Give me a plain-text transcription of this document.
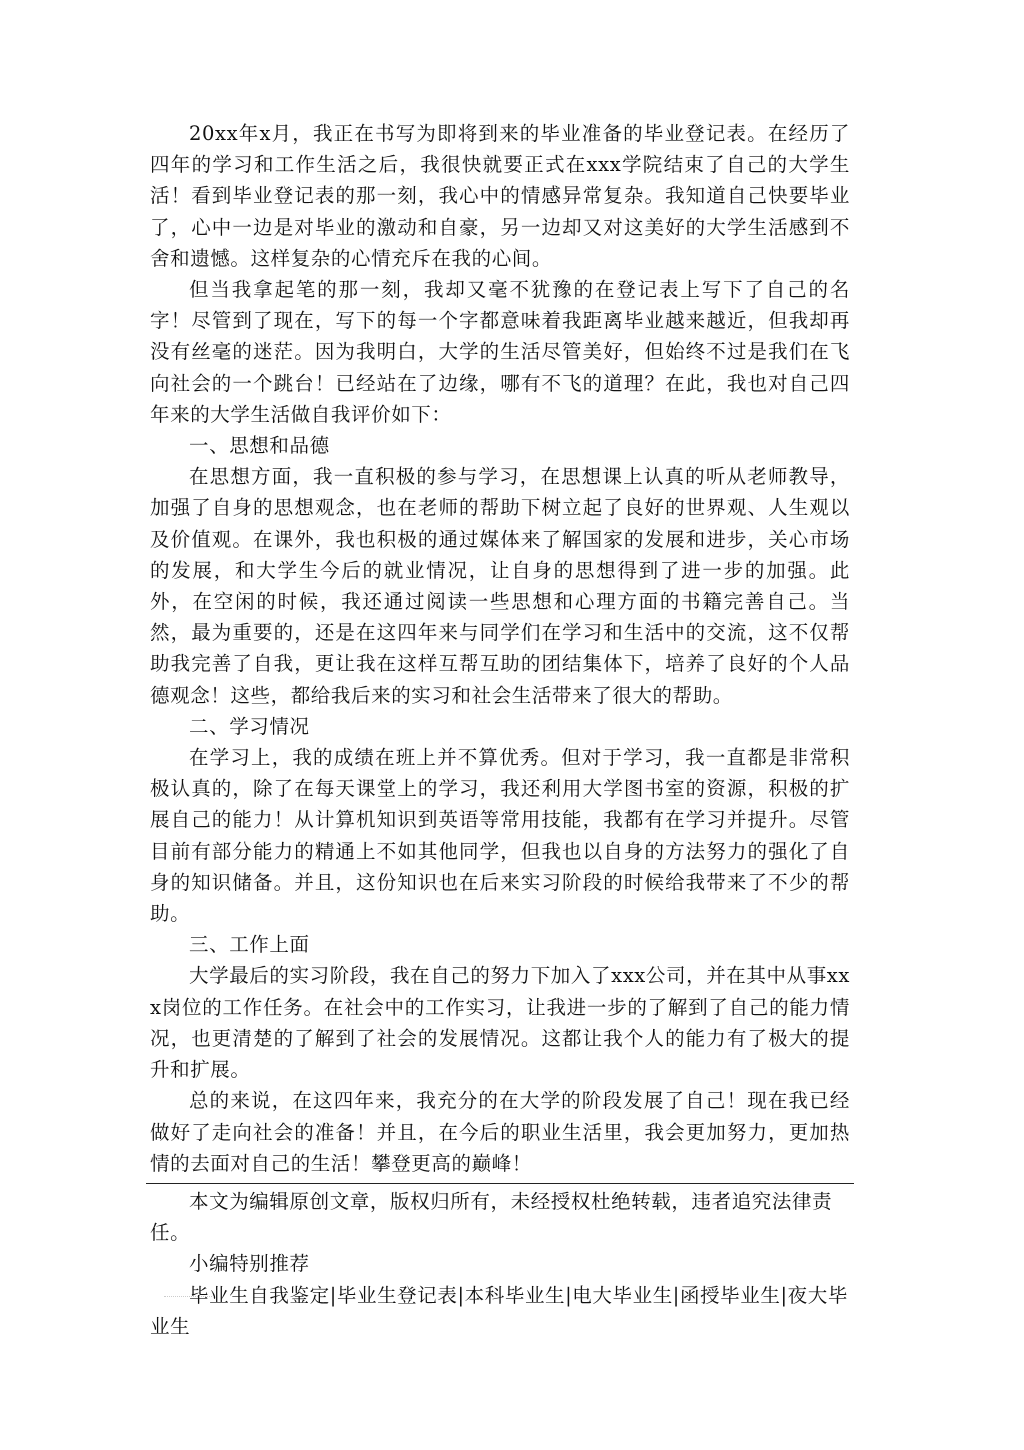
20xx年x月，我正在书写为即将到来的毕业准备的毕业登记表。在经历了四年的学习和工作生活之后，我很快就要正式在xxx学院结束了自己的大学生活！看到毕业登记表的那一刻，我心中的情感异常复杂。我知道自己快要毕业了，心中一边是对毕业的激动和自豪，另一边却又对这美好的大学生活感到不舍和遗憾。这样复杂的心情充斥在我的心间。

但当我拿起笔的那一刻，我却又毫不犹豫的在登记表上写下了自己的名字！尽管到了现在，写下的每一个字都意味着我距离毕业越来越近，但我却再没有丝毫的迷茫。因为我明白，大学的生活尽管美好，但始终不过是我们在飞向社会的一个跳台！已经站在了边缘，哪有不飞的道理？在此，我也对自己四年来的大学生活做自我评价如下：

一、思想和品德

在思想方面，我一直积极的参与学习，在思想课上认真的听从老师教导，加强了自身的思想观念，也在老师的帮助下树立起了良好的世界观、人生观以及价值观。在课外，我也积极的通过媒体来了解国家的发展和进步，关心市场的发展，和大学生今后的就业情况，让自身的思想得到了进一步的加强。此外，在空闲的时候，我还通过阅读一些思想和心理方面的书籍完善自己。当然，最为重要的，还是在这四年来与同学们在学习和生活中的交流，这不仅帮助我完善了自我，更让我在这样互帮互助的团结集体下，培养了良好的个人品德观念！这些，都给我后来的实习和社会生活带来了很大的帮助。

二、学习情况

在学习上，我的成绩在班上并不算优秀。但对于学习，我一直都是非常积极认真的，除了在每天课堂上的学习，我还利用大学图书室的资源，积极的扩展自己的能力！从计算机知识到英语等常用技能，我都有在学习并提升。尽管目前有部分能力的精通上不如其他同学，但我也以自身的方法努力的强化了自身的知识储备。并且，这份知识也在后来实习阶段的时候给我带来了不少的帮助。

三、工作上面

大学最后的实习阶段，我在自己的努力下加入了xxx公司，并在其中从事xxx岗位的工作任务。在社会中的工作实习，让我进一步的了解到了自己的能力情况，也更清楚的了解到了社会的发展情况。这都让我个人的能力有了极大的提升和扩展。

总的来说，在这四年来，我充分的在大学的阶段发展了自己！现在我已经做好了走向社会的准备！并且，在今后的职业生活里，我会更加努力，更加热情的去面对自己的生活！攀登更高的巅峰！

本文为编辑原创文章，版权归所有，未经授权杜绝转载，违者追究法律责任。

小编特别推荐

毕业生自我鉴定|毕业生登记表|本科毕业生|电大毕业生|函授毕业生|夜大毕业生
